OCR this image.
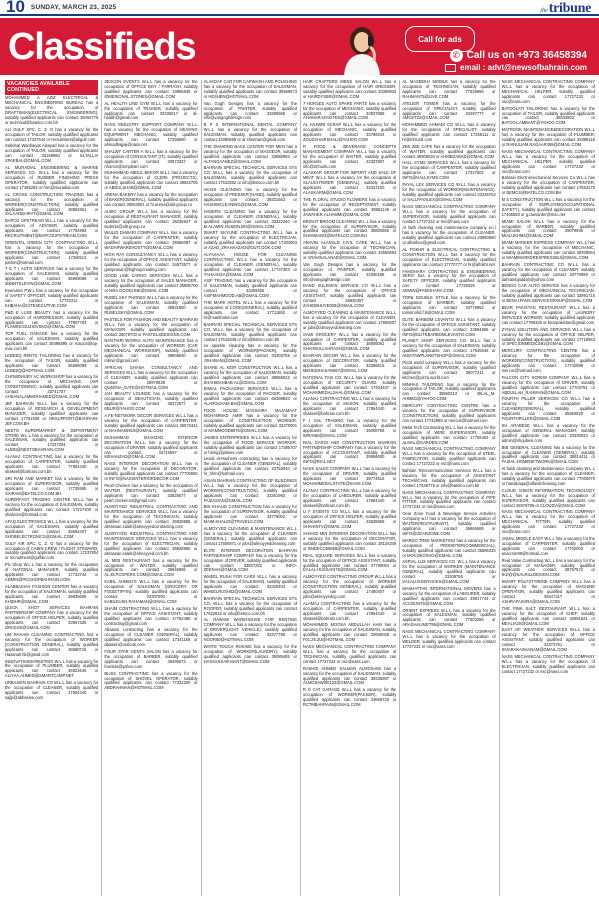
10 SUNDAY, MARCH 23, 2025
the tribune
Classifieds	Call for ads
✆ Call us on +973 36458394
email : advt@newsofbahrain.com
VACANCIES AVAILABLE CONTINUED

MOHAMMED A AZIZ ELECTRICAL & MECHANICAL ENGINEERING BUREAU has a vacancy for the occupation of DRAFTSMAN(ELECTRICAL ENGINEERING), suitably qualified applicants can contact 39464775 or technical@batelco.com.bh

ALI GULF SPC. C. Z. O has a vacancy for the occupation of TAILOR, suitably qualified applicants can contact 17337644 or recruitment@aligulf.com

Sahebal Wanhaiyat Alsayad has a vacancy for the occupation of TAILOR, suitably qualified applicants can contact 33159960 or ELTALLIA SPAEBAL@GMAIL.COM

AL MURADIAL ENGINEERING & MARINE SERVICES CO. W.L.L has a vacancy for the occupation of RUBBER FINISHING PRESS OPERATOR, suitably qualified applicants can contact 17485263 or hrm@muradial.com

AL CROSS CONSTRUCTION TRADING has a vacancy for the occupation of WORKER(CONSTRUCTION), suitably qualified applicants can contact 38964861 or SALAADBAIRAT@GMAIL.COM

BAPCO UPSTREAM W.L.L has a vacancy for the occupation of ADVISER, suitably qualified applicants can contact 17754983 or RECRUITMENT@BAPCOUPSTREAM.COM

ORIENTAL GREEN CITY CONTRACTING W.L.L has a vacancy for the occupation of WORKER(CONSTRUCTION), suitably qualified applicants can contact 17390113 or pathm@hotmail.com

T E T I AUTO SERVICES has a vacancy for the occupation of SALESMAN, suitably qualified applicants can contact 36969088 or 30684TELEVIN@GMAIL.COM

Executive P.W.L has a vacancy for the occupation of SAFETY OFFICER, suitably qualified applicants can contact 17733311 or KHBAHA@CITEXECUTIVE.COM

P&D E LUXE BEAUTY has a vacancy for the occupation of HAIRDRESSER, suitably qualified applicants can contact 77907754 or FLAMINCOUZIOVSKO@GMAIL.COM

TOP FUEL GARAGE has a vacancy for the occupation of SALESMAN, suitably qualified applicants can contact 36495895 or mauzo@top-max.com.bh

LEBEEQ RENTS TAILORING has a vacancy for the occupation of TAILOR, suitably qualified applicants can contact 66695089 or LEBEEQ@HOTMAIL.COM

CHOWDHURY AC WORKSHOP has a vacancy for the occupation of MECHANIC (AIR CONDITIONING), suitably qualified applicants can contact 33741757 or AHSANALAMMOHAMED@GMAIL.COM

JBF BAHRAIN W.L.L has a vacancy for the occupation of RESEARCH & DEVELOPMENT MANAGER, suitably qualified applicants can contact 17781938 or HRSUPPORT@BAHRAIN-JBF.COM.BH

NESTO SUPERMARKET & DEPARTMENT STORE W.L.L has a vacancy for the occupation of SALESMAN, suitably qualified applicants can contact 17337204 or ALBIN@NESTOBAHRAIN.COM

ALANAJ CONTRACTING has a vacancy for the occupation of CARPENTER, suitably qualified applicants can contact 77864440 or shakeel@bahrain.com.bh

SRI RAM AND MARKET has a vacancy for the occupation of SUPERVISOR, suitably qualified applicants can contact 17735995 or SAIRAM@BATELCO.COM.BH

SUPERFAST TRADING CENTRE W.L.L has a vacancy for the occupation of SALESMAN, suitably qualified applicants can contact 17227200 or shahrom@hotmail.com

AFAQ ELECTRONICS W.L.L has a vacancy for the occupation of SALESMAN, suitably qualified applicants can contact 38692407 or SHOBELECTRONICS@GMAIL.COM

GULF AIR SPC. C. Z. O has a vacancy for the occupation of CABIN CREW / FLIGHT STEWARD, suitably qualified applicants can contact 17237804 or recruitment@gulfair.com

Pic Shop W.L.L has a vacancy for the occupation of NATIONAL MANAGER, suitably qualified applicants can contact 17733744 or ADMIN@PICSHOPBAHRAIN.COM

ALABBASIAH FASHION CENTER has a vacancy for the occupation of SALESMAN, suitably qualified applicants can contact 39836665 or KHIDHR@GMAIL.COM

QUICK SHOT SERVICES BAHRAIN PARTNERSHIP COMPANY has a vacancy for the occupation of OFFICE HELPER, suitably qualified applicants can contact 33967325 or ORCESS@GMAIL.COM

UM RAHAM CLEANING CONTRACTING has a vacancy for the occupation of WORKER (CONSTRUCTION GENERAL), suitably qualified applicants can contact 38680715 or Hasanali.hk@gmail.com

INNOVATIVEMARKETING W.L.L has a vacancy for the occupation of PLUMBER, suitably qualified applicants can contact 36822646 or ALIYAA.AHMED@SMARTCAMP.NET

URBASIEN BAHRAIN CO W.L.L has a vacancy for the occupation of CLEANER, suitably qualified applicants can contact 17554340 or sajlp@abbasiee.com

3ESCON EVENTS W.L.L has a vacancy for the occupation of OFFICE BOY / FARRASH, suitably qualified applicants can contact 33966835 or IDMESIONAL.STONES@GMAIL.COM

AL HEALTH LINE GYM W.L.L has a vacancy for the occupation of TRAINER, suitably qualified applicants can contact 33336017 or al-health@gmail.com

NASS INDUSTRY SUPPORT COMPANY W.L.L has a vacancy for the occupation of HEAVING EQUIPMENT MECHANIC, suitably qualified applicants can contact 17256600 or ahmadhajjaji@nass.net

SHALWT CARTER A W.L.L has a vacancy for the occupation of CONSULTANT (IT), suitably qualified applicants can contact 33973327 or nhorsm@simplearr.com

MUHAMMAD ABDUL BEKOR W.L.L has a vacancy for the occupation of CLERK (PROJECTS), suitably qualified applicants can contact 39923705 or ABDULSHAB@GMAIL.COM

ARENA BAKERY has a vacancy for the occupation of BAKER(GENERAL), suitably qualified applicants can contact 38063001 or hr.arena@alit-group.co

ALBIO GROUP W.L.L has a vacancy for the occupation of RESTAURANT MANAGER, suitably qualified applicants can contact 35036847 or tsubmis@alit-group.co

WAILID DAWARI COMPANY W.L.L has a vacancy for the occupation of CARPENTER, suitably qualified applicants can contact 39366087 or WADARWAREHOSTT@GMAIL.COM

HIGH RAY CONSULTANCY W.L.L has a vacancy for the occupation of OFFICE ASSISTANT, suitably qualified applicants can contact 34973577 or ganiprasan@highraycreating.com

GOOD LINE CARGO SERVICES W.L.L has a vacancy for the occupation of SALES MANAGER, suitably qualified applicants can contact 35986700 or NOA.GOODLINE@GMAIL.COM

RUBEL SKY PHONES W.L.L has a vacancy for the occupation of SALESMAN, suitably qualified applicants can contact 36931800 or RUBELSKY@GMAIL.COM

PASTELS FOR FASHION AND BEAUTY BAHRAIN W.L.L has a vacancy for the occupation of MANAGER, suitably qualified applicants can contact 38079703 or PASTELSDESIGNS.COM

NANTHIRI WORKS AUTO MAINTENANCE has a vacancy for the occupation of WORKER (CAR MECHANICAL WORKSHOP), suitably qualified applicants can contact 38908530 or mbrvir@gmail.com

AFRICAN GHANA CONSULTANCY AND SERVICES W.L.L has a vacancy for the occupation of CLEANER, suitably qualified applicants can contact 36978938 or QUEENA_GATE@HOTMAIL.COM

JAH BEAUTY LOUNGE has a vacancy for the occupation of BEAUTICIAN, suitably qualified applicants can contact 35372577 or EBUR@YAHOO.COM

A FE-NETWORK DECOR SERVICES W.L.L has a vacancy for the occupation of CARPENTER, suitably qualified applicants can contact 36573441 or NAHNAS8910@GMAIL.COM

MUHAMMAD SHAHZAD INTERIOR DECORATION W.L.L has a vacancy for the occupation of DRIVER, suitably qualified applicants can contact 33716597 or MSHAHZAD@GMAIL.COM

NASS INTERIOR DECORATION W.L.L has a vacancy for the occupation of DECORATOR, suitably qualified applicants can contact 77706555 or INFO@NASSINTERIORDECOR.COM

Pearl Chicken has a vacancy for the occupation of WAITER (RESTAURANT), suitably qualified applicants can contact 33925077 or pearl.chicken44@gmail.com

ALMOYYED INDUSTRIAL CONTRACTING AND MAINTENANCE SERVICES W.L.L has a vacancy for the occupation of TECHNICIAN, suitably qualified applicants can contact 36828855 or alHassan.salah@almoyyedcontracting.com

ALMOYYED INDUSTRIAL CONTRACTING AND MAINTENANCE SERVICES W.L.L has a vacancy for the occupation of ELECTRICIAN, suitably qualified applicants can contact 36828855 or alHassan.salah@almoyyed.com.bh

AL MIDI RESTAURANT has a vacancy for the occupation of WAITER, suitably qualified applicants can contact 39946906 or AL.ELPCOPERS.COM@GMAIL.COM

KABIL AHMED'S W.L.L has a vacancy for the occupation of SALESMAN (GROCERY OR FOOD/TIFFIN), suitably qualified applicants can contact 33307000 or KABILEUSH.RAHAMAN@GMAIL.COM

SHAIM CONTRACTING W.L.L has a vacancy for the occupation of OFFICE ASSISTANT, suitably qualified applicants can contact 17752489 or contracting@gmail.com

Abaasin contracting has a vacancy for the occupation of CLEANER (GENERAL), suitably qualified applicants can contact 17341155 or abaasin@outlook.com

FOUR STAR GENTS SALON has a vacancy for the occupation of BARBER, suitably qualified applicants can contact 39495073 or fourstar@yahoo.com

BLISS CONTRACTING has a vacancy for the occupation of SHOVEL OPERATOR, suitably qualified applicants can contact 77332200 or ABDRAHMAN@HOTMAIL.COM

ALAKDAF CAR FOR CARWASH AND POLISHING has a vacancy for the occupation of SALESMAN, suitably qualified applicants can contact 35969573 or HESHEN@HOTMAIL.COM

Van Gogh Designs has a vacancy for the occupation of PAINTER, suitably qualified applicants can contact 33399555 or info@vangoghdesign.com

B P S INTERNATIONAL DENTAL COMPANY W.L.L has a vacancy for the occupation of SALESMAN, suitably qualified applicants can contact 33390665 or dr.sheehan@gmail.com

THE DIAMOND BACK CENTER FOR MEN has a vacancy for the occupation of MASSEUR, suitably qualified applicants can contact 33880993 or ALTANGAANEZ@GMAIL.COM

BAHRAIN SPECIAL TECHNICAL SERVICES STS CO. W.L.L has a vacancy for the occupation of SALESMAN, suitably qualified applicants can contact 17622852 or info@bstsco.com.bh

AKSHI CLEANING has a vacancy for the occupation of PRESSER (HAND), suitably qualified applicants can contact 39331663 or HASHIMCLEANING@GMAIL.COM

HADERS CLEANING has a vacancy for the occupation of CLEANER (GENERAL), suitably qualified applicants can contact 33322340 or M.ALAMIN.HUSEIN.BH@GMAIL.COM

SMART SKYLINE CONTRACTING W.L.L has a vacancy for the occupation of ELECTRICIAN, suitably qualified applicants can contact 17303003 or AZAD_ZRAHAAZAD@OUTLOOK.COM

ALYAHAAA HOUSE FOR CLEANING CONTRACTING W.L.L has a vacancy for the occupation of CLEANER (GENERAL), suitably qualified applicants can contact 17737303 or YAHAAHSA@GMAIL.COM

ASIF TRADING has a vacancy for the occupation of SALESMAN, suitably qualified applicants can contact 33359460 or ASIFMAHMOOD.AB@GMAIL.COM

THE MARK HOTEL W.L.L has a vacancy for the occupation of COOK(GENERAL), suitably qualified applicants can contact 17711892 or hr@markhotel.com

BAHRAIN SPECIAL TECHNICAL SERVICES STS CO. W.L.L has a vacancy for the occupation of SALESMAN, suitably qualified applicants can contact 17622849 or info@bstsco.com.bh

no sparkle cleaning has a vacancy for the occupation of WORKER(PACKER), suitably qualified applicants can contact 33303759 or JSHABANI@GMAIL.COM

SHARE AL KEIR CONSTRUCTION W.L.L has a vacancy for the occupation of SALESMAN, suitably qualified applicants can contact 38866022 or SHAHIBAHBAB.AL@GMAIL.COM

KIMIAL PACKAGING SERVICES W.L.L has a vacancy for the occupation of PACKER, suitably qualified applicants can contact 66398833 or ALAROUHAM.BH@GMAIL.COM

FOOD HOUSE MASSHIRA MAJAMAAT MOHAMMAD AMIR has a vacancy for the occupation of CONSTRUCTION WORKER, suitably qualified applicants can contact 33370001 or MAMMOOD8978@GMAIL.COM

JAMIES ENTERPRISES W.L.L has a vacancy for the occupation of FOOD SERVICE WORKER, suitably qualified applicants can contact 17395707 or hiring@jamies.com

Lesail al-Hashemi contracting has a vacancy for the occupation of CLEANER (GENERAL), suitably qualified applicants can contact 33753040 or hr_hhm@hotmail.com

ASIAN BAHRAIN CONTRACTING OF BUILDINGS W.L.L has a vacancy for the occupation of WORKER(CONSTRUCTION), suitably qualified applicants can contact 33361993 or FAIZASIAN@GMAIL.COM

BIN KHALID CONSTRUCTION has a vacancy for the occupation of SUPERVISOR, suitably qualified applicants can contact 33779002 or MAIM.KHALID@TRAVELS.COM

ALMOYYED CLEANING & MAINTENANCE W.L.L has a vacancy for the occupation of CLEANER (GENERAL), suitably qualified applicants can contact 17806871 or jobs@almoyyedcleaning.com

ELITE INTERIOR DECORATION BAHRAIN PARTNERSHIP COMPANY has a vacancy for the occupation of DRIVER, suitably qualified applicants can contact 33657253 or INFO-ZEENAH@GMAIL.COM

WHEEL RUSH FOR CARS W.L.L has a vacancy for the occupation of SALESMAN, suitably qualified applicants can contact 33320404 or WHEELRUSH02@GMAIL.COM

BAHRAIN SPECIAL TECHNICAL SERVICES STS CO. W.L.L has a vacancy for the occupation of ROOFER, suitably qualified applicants can contact 17622642 or info@bstsco.com.bh

AL RAWABI WAREHOUSE FOR RENTING COMPANY W.L.L has a vacancy for the occupation of DRIVER(LIGHT VEHICLE), suitably qualified applicants can contact 33377788 or NOOR80@HOTMAIL.COM

WHITE TOUCH ROKING has a vacancy for the occupation of WORKER(LAUNDRY), suitably qualified applicants can contact 39085485 or HASSANSAIF.MANT@GMAIL.COM

HAIR CRAFTERS MENS SALON W.L.L has a vacancy for the occupation of HAIR DRESSER, suitably qualified applicants can contact 33389933 or HAIRDYSBR@GMAIL.COM

7 HORSES AUTO SPARE PARTS has a vacancy for the occupation of MECHANIC, suitably qualified applicants can contact 33937889 or AHAMARAZAKITES@GMAIL.COM

AL HAJWRI SCRAP W.L.L has a vacancy for the occupation of MECHANIC, suitably qualified applicants can contact 33789344 or ZOUZSHAIRSHALI@YAHOO.COM

R FOOD & BEVERAGE CONCEPTS MANAGEMENT COMPANY W.L.L has a vacancy for the occupation of WAITER, suitably qualified applicants can contact 33337807 or info@2rfoods.com

ALASKAR GROUP FOR IMPORT AND SALE OF MEAT W.L.L has a vacancy for the occupation of SLAUGHTERER (GENERAL), suitably qualified applicants can contact 33337100 or ALASKARM@GMAIL.COM

THE FLORAL STUDIO FLOWERS has a vacancy for the occupation of RECEPTIONIST, suitably qualified applicants can contact 38581146 or JAWAHER.ALHAMMI@GMAIL.COM

BRIGHT BROOM CLEANING W.L.L has a vacancy for the occupation of SUPERVISOR, suitably qualified applicants can contact 38800566 or SHAMSADD@BATELCO.COM.BH

ARAVIN ALANALD CIVIL CARE W.L.L has a vacancy for the occupation of TECHNICIAN, suitably qualified applicants can contact 34566693 or ARAVINALANAD@GMAIL.COM

Van Gogh Designs has a vacancy for the occupation of PAINTER, suitably qualified applicants can contact 33330188 or info@vangoghdesign.com

DAND SULEMAN SERVICE CO W.L.L has a vacancy for the occupation of OFFICE ASSISTANT, suitably qualified applicants can contact 36830457 or ZAHIDBHUYE009@GMAIL.COM

ALMOYYED CLEANING & MAINTENANCE W.L.L has a vacancy for the occupation of CLEANER, suitably qualified applicants can contact 17806007 or jobs@almoyyedcleaning.com

SAMI GROCERY W.L.L has a vacancy for the occupation of CARPENTER, suitably qualified applicants can contact 38806061 or SHAHBULLAHRASH@GMAIL.COM

BAHRAIN DECOR W.L.L has a vacancy for the occupation of DECORATOR, suitably qualified applicants can contact 33366615 or MEHEDIHASAN567@GMAIL.COM

NATIONAL TAXI CO. W.L.L has a vacancy for the occupation of SECURITY GUARD, suitably qualified applicants can contact 17403407 or MOHAMMEDALSHAL@GMAIL.COM

ALANAJ CONTRACTING W.L.L has a vacancy for the occupation of MASON, suitably qualified applicants can contact 17864440 or shakeel@bahrain.com.bh

F I SAL TRADING has a vacancy for the occupation of SALESMAN, suitably qualified applicants can contact 39008768 or IMRANB@GMAIL.COM

RIAL GARGI AND CONSTRUCTION BAHRAIN PARTNERSHIP COMPANY has a vacancy for the occupation of ACCOUNTANT, suitably qualified applicants can contact 39966000 or INFO@RIAL.NET

NASS SALES COMPANY W.L.L has a vacancy for the occupation of DRIVER, suitably qualified applicants can contact 39774615 or MOHAMMEDALSTATE@NASS.COM

ALANAJ CONTRACTING W.L.L has a vacancy for the occupation of LABOURER, suitably qualified applicants can contact 17864440 or shakeel@bahrain.com.bh

U F EVENTS CO W.L.L has a vacancy for the occupation of OFFICE HELPER, suitably qualified applicants can contact 33635968 or SHAHINTV@GMAIL.COM

SHAHID MIN INTERIOR DECORATION W.L.L has a vacancy for the occupation of DECORATOR, suitably qualified applicants can contact 38126349 or SMDECO55658@GMAIL.COM

REAL SQUARE SERVICES W.L.L has a vacancy for the occupation of OFFICE ASSISTANT, suitably qualified applicants can contact 37799054 or DALAL.HUSSAIN75@GMAIL.COM

ALMOYYED CONTRACTING GROUP W.L.L has a vacancy for the occupation of WORKER (CONSTRUCTION GENERAL), suitably qualified applicants can contact 17480407 or jobs@almoyyedcg.com

ALAMAJ CONTRACTING has a vacancy for the occupation of CARPENTER, suitably qualified applicants can contact 17864440 or shakeel@bahrain.com.bh

MOHAMMED MOOSA ABDULLAH HAM has a vacancy for the occupation of SALESMAN, suitably qualified applicants can contact 33665028 or F01.25.2U@HOTMAIL.COM

NASS MECHANICAL CONTRACTING COMPANY W.L.L has a vacancy for the occupation of TECHNICIAN, suitably qualified applicants can contact 17727232 or nsc@nass.com

RASHID AHMED SALMAN ALMOSAWI has a vacancy for the occupation of SALESMAN, suitably qualified applicants can contact 39335987 or ALMOSAWI00123@GMAIL.COM

R S CAT GARAGE W.L.L has a vacancy for the occupation of WORKER(PACKER), suitably qualified applicants can contact 33669733 or RCTMBAHRAIN@GMAIL.COM

AL MASEEKH MOBILE has a vacancy for the occupation of TECHNICIAN, suitably qualified applicants can contact 77339966 or RAHMAN75@LIVE.COM

ATELIER TOWER has a vacancy for the occupation of SPECIALIST, suitably qualified applicants can contact 33497777 or AMCETZ2@GMAIL.COM

MOHAMMED AHMADI CO W.L.L has a vacancy for the occupation of SPECIALIST, suitably qualified applicants can contact 17258111 or hr@mhcodl.com

ZEE ZEE CAFE has a vacancy for the occupation of WAITER, suitably qualified applicants can contact 39909030 or AHMEDABAD@GMAIL.COM

HALL SYMS SERVICES W.L.L has a vacancy for the occupation of CARPENTER, suitably qualified applicants can contact 17337602 or INFO@HALLSYMS.COM

PAYAL LEX SERVICES CO W.L.L has a vacancy for the occupation of WORKER(MAINTENANCE), suitably qualified applicants can contact 33336753 or SALLPAYALEX@GMAIL.COM

NASS MECHANICAL CONTRACTING COMPANY W.L.L has a vacancy for the occupation of SUPERVISOR, suitably qualified applicants can contact 17727232 or nsc@nass.com

Al faith cleaning and maintenance company w.l.l has a vacancy for the occupation of CLEANER, suitably qualified applicants can contact 33960660 or alfaithco@gmail.com

AL FOKHR & ELECTRICAL CONTRACTING & CONSTRUCTION W.L.L has a vacancy for the occupation of ELECTRICIAN, suitably qualified applicants can contact 17770777 or hr@alfokhr.net

FAMOHARA CONTRACTING & ENGINEERING SERVI has a vacancy for the occupation of SAFETY OFFICER, suitably qualified applicants can contact 17729325 or ADMIN@FAMOHARA.COM

TOP& DOUBLE STYLE has a vacancy for the occupation of BARBER, suitably qualified applicants can contact 33779953 or tomsmohd.f.b@GMAIL.COM

ELITE BARBOM LEVANTO W.L.L has a vacancy for the occupation of OFFICE ASSISTANT, suitably qualified applicants can contact 33694965 or INFO@ELITEBARBOMLEVANTO.COM

PLANET SHOP SERVICES CO. W.L.L has a vacancy for the occupation of SALESMAN, suitably qualified applicants can contact 17545646 or ANISTAWPLANETSHOP@GMAIL.COM

Pizza world company W.L.L has a vacancy for the occupation of SUPERVISOR, suitably qualified applicants can contact 36077211 or kitchen@pizza.world.com

MINHAS TAILORING has a vacancy for the occupation of TAILOR, suitably qualified applicants can contact 38860313 or BILAL_M-AHMED@YAHOO.COM

MERCURY CONTRACTING CENTRE has a vacancy for the occupation of SUPERVISOR (CONSTRUCTION), suitably qualified applicants can contact 17742988 or mercur@hotmail.com

Metal Tech Contracting W.L.L has a vacancy for the occupation of WIRE SUPERVISOR, suitably qualified applicants can contact 17755453 or ALMAL@GARDEN.COM

NASS MECHANICAL CONTRACTING COMPANY W.L.L has a vacancy for the occupation of STEEL FABRICATOR, suitably qualified applicants can contact 17727232 or nsc@nass.com

Bahrain Telecommunication Services W.L.L has a vacancy for the occupation of ASSISTANT TECHNICIAN, suitably qualified applicants can contact 17536775 or info@batelco.com.bh

NASS MECHANICAL CONTRACTING COMPANY W.L.L has a vacancy for the occupation of PIPE FITTER, suitably qualified applicants can contact 17727232 or nsc@nass.com

Gear Zone Food & Beverage Service Activities Company w.l.l has a vacancy for the occupation of WAITER(RESTAURANT), suitably qualified applicants can contact 36966669 or INFO@GEARZONE.COM

MARGO TREE MARKETING has a vacancy for the occupation of PROMOTER(COMMERCIAL), suitably qualified applicants can contact 35586333 or MOCOKOSHO@GMAIL.COM

ASPIAL LUX SERVICES CO. W.L.L has a vacancy for the occupation of WORKER (MAINTENANCE GENERAL), suitably qualified applicants can contact 33309755 or SALALUXSERVICES@GMAIL.COM

MANHATTAN INTERNATIONAL MOVERS has a vacancy for the occupation of LABOURER, suitably qualified applicants can contact 39917744 or ACCOUNTS@GMAIL.COM

ORIENT EXPRESS W.L.L has a vacancy for the occupation of SALESMAN, suitably qualified applicants can contact 77303366 or ARASHALIMET99@GMAIL.COM

NASS MECHANICAL CONTRACTING COMPANY W.L.L has a vacancy for the occupation of WELDER, suitably qualified applicants can contact 17727232 or nsc@nass.com

NASS MECHANICAL CONTRACTING COMPANY W.L.L has a vacancy for the occupation of MECHANICAL HELPER, suitably qualified applicants can contact 17727232 or nsc@nass.com

BATOOLATI TAILORING has a vacancy for the occupation of TAILOR, suitably qualified applicants can contact 38033802 or BATOOL.AMBANT@YAHOO.COM

MATROOK MAINTENANCE&DECORATION W.L.L has a vacancy for the occupation of PLUMBER, suitably qualified applicants can contact 38398118 or RAINUUAM.NAGAAR455@GMAIL.COM

NASS MECHANICAL CONTRACTING COMPANY W.L.L has a vacancy for the occupation of MECHANICAL HELPER, suitably qualified applicants can contact 17727232 or nsc@nass.com

Bahrain Electromechanical Services Co W.L.L has a vacancy for the occupation of CARPENTER, suitably qualified applicants can contact 17563175 or BEMCS@BATELCO.COM.BH

M S CONSTRUCTION W.L.L has a vacancy for the occupation of EMPLOYEE(OCCUPATIONAL SAFETY), suitably qualified applicants can contact 17405550 or g.raevarder@msc.net

MIAMI SALON W.L.L has a vacancy for the occupation of BARBER, suitably qualified applicants can contact 39079936 or MIALUKHM2@GMAIL.COM

MIAMI MARKER EXPRESS COMPANY W.L.L has a vacancy for the occupation of MECHANIC, suitably qualified applicants can contact 39308054 or MIAMIMARKEREXPRESSBU@GMAIL.COM

BAHRAIN CONTRACTING CO W.L.L has a vacancy for the occupation of CLEANER, suitably qualified applicants can contact 33770999 or bahrainbjaddah@yahoo.com

BENGO CAR AUTO SERVICE has a vacancy for the occupation of MECHANICAL TECHNICIAN, suitably qualified applicants can contact 33991716 or BENAI.PANS.SERVICEGROUP@GMAIL.COM

BEAR PAKISTAN RESTAURANT W.L.L has a vacancy for the occupation of LAUNDRY SERVICES WORKER, suitably qualified applicants can contact 17786335 or bearpakistan@gmail.com

ZYNAN SOLUTION AND SERVICES W.L.L has a vacancy for the occupation of OFFICE HELPER, suitably qualified applicants can contact 17718963 or SPECIONMEDICS91@GMAIL.COM

MERCURY CONTRACTING CENTRE has a vacancy for the occupation of WORKER(CONSTRUCTION), suitably qualified applicants can contact 17742988 or mercur@hotmail.com

FALCON CITY SCREW COMPANY W.L.L has a vacancy for the occupation of DRIVER, suitably qualified applicants can contact 17703791 or ABDULLAH_RAHMAN@GMAIL.COM

FOURTH PILLER SERVICES CO W.L.L has a vacancy for the occupation of CLEANER(GENERAL), suitably qualified applicants can contact 35960820 or FOURTHPILLER@GMAIL.COM

SH ARABESE W.L.L has a vacancy for the occupation of GENERAL MANAGER, suitably qualified applicants can contact 33336033 or admin@shqubesi.com

BIB GENERAL CLEANING has a vacancy for the occupation of CLEANER (GENERAL), suitably qualified applicants can contact 38814411 or FAISAL-HOMENETWORK@GMAIL.COM

Al faish cleaning and Maintenance Company W.L.L has a vacancy for the occupation of CLEANER, suitably qualified applicants can contact 77000070 or hanaikaqa@alfaishcleaning.com

CLOUD VISION INFORMATION TECHNOLOGY W.L.L has a vacancy for the occupation of SUPERVISOR, suitably qualified applicants can contact 36979795 or CLOUDV@GMAIL.COM

NASS MECHANICAL CONTRACTING COMPANY W.L.L has a vacancy for the occupation of MECHANICAL FITTER, suitably qualified applicants can contact 17727232 or nsc@nass.com

JAMAL MIDDLE EAST W.L.L has a vacancy for the occupation of CARPENTER, suitably qualified applicants can contact 17702003 or anacmm99@hotmail.com

Real Value Contracting W.L.L has a vacancy for the occupation of MANAGER, suitably qualified applicants can contact 38767572 or fe1f@@SALRILLDESIGN.COM

SMART POLYSTYRENE COMPANY W.L.L has a vacancy for the occupation of MACHINE OPERATOR, suitably qualified applicants can contact 39347317 or ASHRAFASHRA@GMAIL.COM

THE PINK SALT RESTAURANT W.L.L has a vacancy for the occupation of CHEF, suitably qualified applicants can contact 33991621 or MEALIA20@GMAIL.COM

EAST OF WEATHER SERVICES W.L.L has a vacancy for the occupation of OFFICE ASSISTANT, suitably qualified applicants can contact 33373751 or SIVARAKASHANAM@GMAIL.COM

NASS MECHANICAL CONTRACTING COMPANY W.L.L has a vacancy for the occupation of ELECTRICIAN, suitably qualified applicants can contact 17727232 or nsc@nass.com
